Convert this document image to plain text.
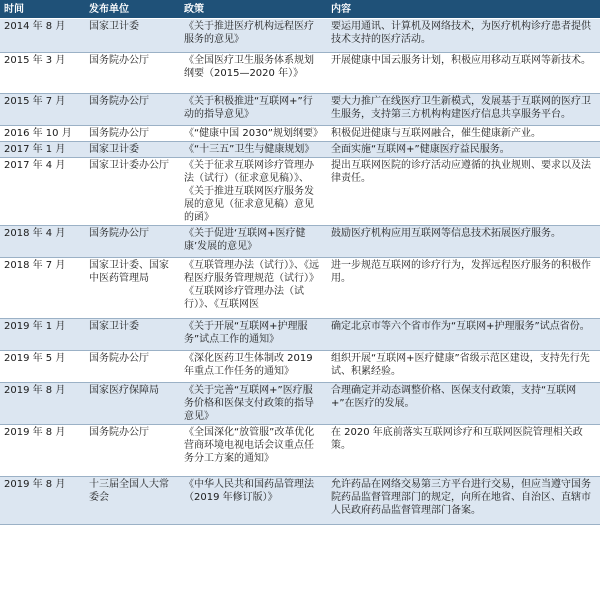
时间	发布单位	政策	内容
2014 年 8 月	国家卫计委	《关于推进医疗机构远程医疗服务的意见》	要运用通讯、计算机及网络技术，为医疗机构诊疗患者提供技术支持的医疗活动。
2015 年 3 月	国务院办公厅	《全国医疗卫生服务体系规划纲要（2015—2020 年）》	开展健康中国云服务计划，积极应用移动互联网等新技术。
2015 年 7 月	国务院办公厅	《关于积极推进“互联网+”行动的指导意见》	要大力推广在线医疗卫生新模式，发展基于互联网的医疗卫生服务，支持第三方机构构建医疗信息共享服务平台。
2016 年 10 月	国务院办公厅	《“健康中国 2030”规划纲要》	积极促进健康与互联网融合，催生健康新产业。
2017 年 1 月	国家卫计委	《“十三五”卫生与健康规划》	全面实施“互联网+”健康医疗益民服务。
2017 年 4 月	国家卫计委办公厅	《关于征求互联网诊疗管理办法（试行）（征求意见稿）》、《关于推进互联网医疗服务发展的意见（征求意见稿）意见的函》	提出互联网医院的诊疗活动应遵循的执业规则、要求以及法律责任。
2018 年 4 月	国务院办公厅	《关于促进‘互联网+医疗健康’发展的意见》	鼓励医疗机构应用互联网等信息技术拓展医疗服务。
2018 年 7 月	国家卫计委、国家中医药管理局	《互联管理办法（试行）》、《远程医疗服务管理规范（试行）》《互联网诊疗管理办法（试行）》、《互联网医	进一步规范互联网的诊疗行为，发挥远程医疗服务的积极作用。
2019 年 1 月	国家卫计委	《关于开展“互联网+护理服务”试点工作的通知》	确定北京市等六个省市作为“互联网+护理服务”试点省份。
2019 年 5 月	国务院办公厅	《深化医药卫生体制改 2019 年重点工作任务的通知》	组织开展“互联网+医疗健康”省级示范区建设，支持先行先试、积累经验。
2019 年 8 月	国家医疗保障局	《关于完善“互联网+”医疗服务价格和医保支付政策的指导意见》	合理确定并动态调整价格、医保支付政策，支持“互联网+”在医疗的发展。
2019 年 8 月	国务院办公厅	《全国深化“放管服”改革优化营商环境电视电话会议重点任务分工方案的通知》	在 2020 年底前落实互联网诊疗和互联网医院管理相关政策。
2019 年 8 月	十三届全国人大常委会	《中华人民共和国药品管理法（2019 年修订版）》	允许药品在网络交易第三方平台进行交易，但应当遵守国务院药品监督管理部门的规定，向所在地省、自治区、直辖市人民政府药品监督管理部门备案。
